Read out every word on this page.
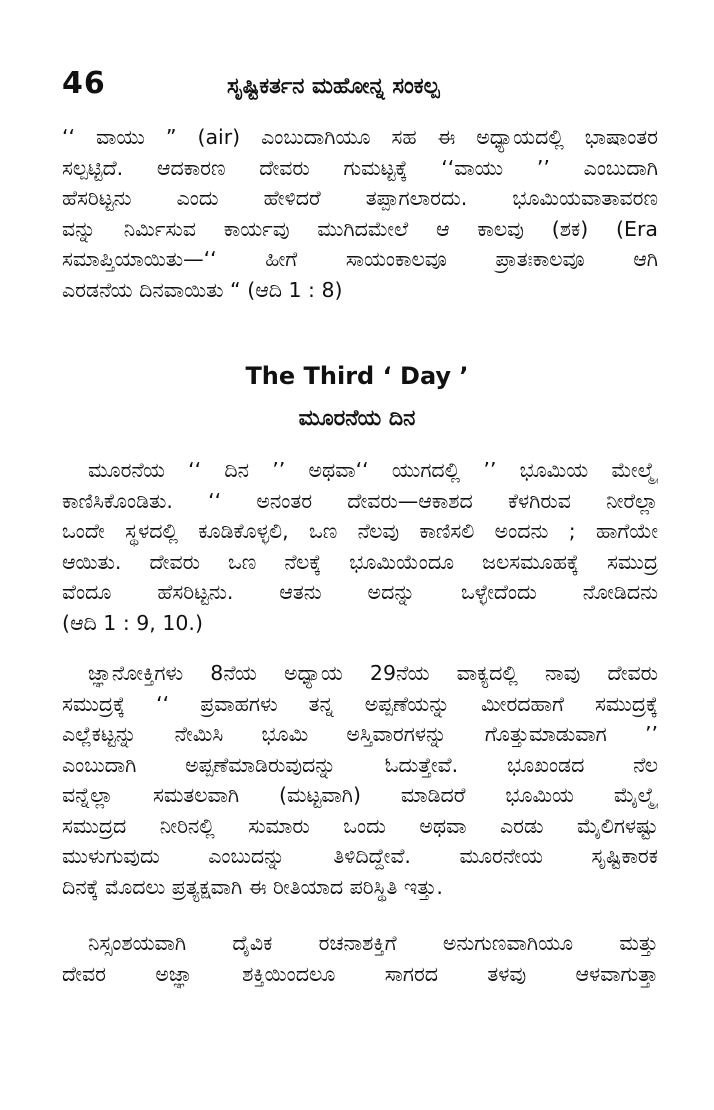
46	ಸೃಷ್ಟಿಕರ್ತನ ಮಹೋನ್ನ ಸಂಕಲ್ಪ
‘‘ ವಾಯು ” (air) ಎಂಬುದಾಗಿಯೂ ಸಹ ಈ ಅಧ್ಯಾಯದಲ್ಲಿ ಭಾಷಾಂತರ
ಸಲ್ಪಟ್ಟಿದೆ. ಆದಕಾರಣ ದೇವರು ಗುಮಟ್ಟಕ್ಕೆ ‘‘ವಾಯು ’’ ಎಂಬುದಾಗಿ
ಹೆಸರಿಟ್ಟನು ಎಂದು ಹೇಳಿದರೆ ತಪ್ಪಾಗಲಾರದು. ಭೂಮಿಯವಾತಾವರಣ
ವನ್ನು ನಿರ್ಮಿಸುವ ಕಾರ್ಯವು ಮುಗಿದಮೇಲೆ ಆ ಕಾಲವು (ಶಕ) (Era
ಸಮಾಪ್ತಿಯಾಯಿತು—‘‘ ಹೀಗೆ ಸಾಯಂಕಾಲವೂ ಪ್ರಾತಃಕಾಲವೂ ಆಗಿ
ಎರಡನೆಯ ದಿನವಾಯಿತು “ (ಆದಿ 1 : 8)
The Third ‘ Day ’
ಮೂರನೆಯ ದಿನ
ಮೂರನೆಯ ‘‘ ದಿನ ’’ ಅಥವಾ‘‘ ಯುಗದಲ್ಲಿ ’’ ಭೂಮಿಯ ಮೇಲ್ಮೈ
ಕಾಣಿಸಿಕೊಂಡಿತು. ‘‘ ಅನಂತರ ದೇವರು—ಆಕಾಶದ ಕೆಳಗಿರುವ ನೀರೆಲ್ಲಾ
ಒಂದೇ ಸ್ಥಳದಲ್ಲಿ ಕೂಡಿಕೊಳ್ಳಲಿ, ಒಣ ನೆಲವು ಕಾಣಿಸಲಿ ಅಂದನು ; ಹಾಗೆಯೇ
ಆಯಿತು. ದೇವರು ಒಣ ನೆಲಕ್ಕೆ ಭೂಮಿಯೆಂದೂ ಜಲಸಮೂಹಕ್ಕೆ ಸಮುದ್ರ
ವೆಂದೂ ಹೆಸರಿಟ್ಟನು. ಆತನು ಅದನ್ನು ಒಳ್ಳೇದೆಂದು ನೋಡಿದನು
(ಆದಿ 1 : 9, 10.)
ಜ್ಞಾನೋಕ್ತಿಗಳು 8ನೆಯ ಅಧ್ಯಾಯ 29ನೆಯ ವಾಕ್ಯದಲ್ಲಿ ನಾವು ದೇವರು
ಸಮುದ್ರಕ್ಕೆ ‘‘ ಪ್ರವಾಹಗಳು ತನ್ನ ಅಪ್ಪಣೆಯನ್ನು ಮೀರದಹಾಗೆ ಸಮುದ್ರಕ್ಕೆ
ಎಲ್ಲೆಕಟ್ಟನ್ನು ನೇಮಿಸಿ ಭೂಮಿ ಅಸ್ತಿವಾರಗಳನ್ನು ಗೊತ್ತುಮಾಡುವಾಗ ’’
ಎಂಬುದಾಗಿ ಅಪ್ಪಣೆಮಾಡಿರುವುದನ್ನು ಓದುತ್ತೇವೆ. ಭೂಖಂಡದ ನೆಲ
ವನ್ನೆಲ್ಲಾ ಸಮತಲವಾಗಿ (ಮಟ್ಟವಾಗಿ) ಮಾಡಿದರೆ ಭೂಮಿಯ ಮೈಲ್ಮೈ
ಸಮುದ್ರದ ನೀರಿನಲ್ಲಿ ಸುಮಾರು ಒಂದು ಅಥವಾ ಎರಡು ಮೈಲಿಗಳಷ್ಟು
ಮುಳುಗುವುದು ಎಂಬುದನ್ನು ತಿಳಿದಿದ್ದೇವೆ. ಮೂರನೇಯ ಸೃಷ್ಟಿಕಾರಕ
ದಿನಕ್ಕೆ ಮೊದಲು ಪ್ರತ್ಯಕ್ಷವಾಗಿ ಈ ರೀತಿಯಾದ ಪರಿಸ್ಥಿತಿ ಇತ್ತು.
ನಿಸ್ಸಂಶಯವಾಗಿ ದೈವಿಕ ರಚನಾಶಕ್ತಿಗೆ ಅನುಗುಣವಾಗಿಯೂ ಮತ್ತು
ದೇವರ ಅಜ್ಞಾ ಶಕ್ತಿಯಿಂದಲೂ ಸಾಗರದ ತಳವು ಆಳವಾಗುತ್ತಾ
